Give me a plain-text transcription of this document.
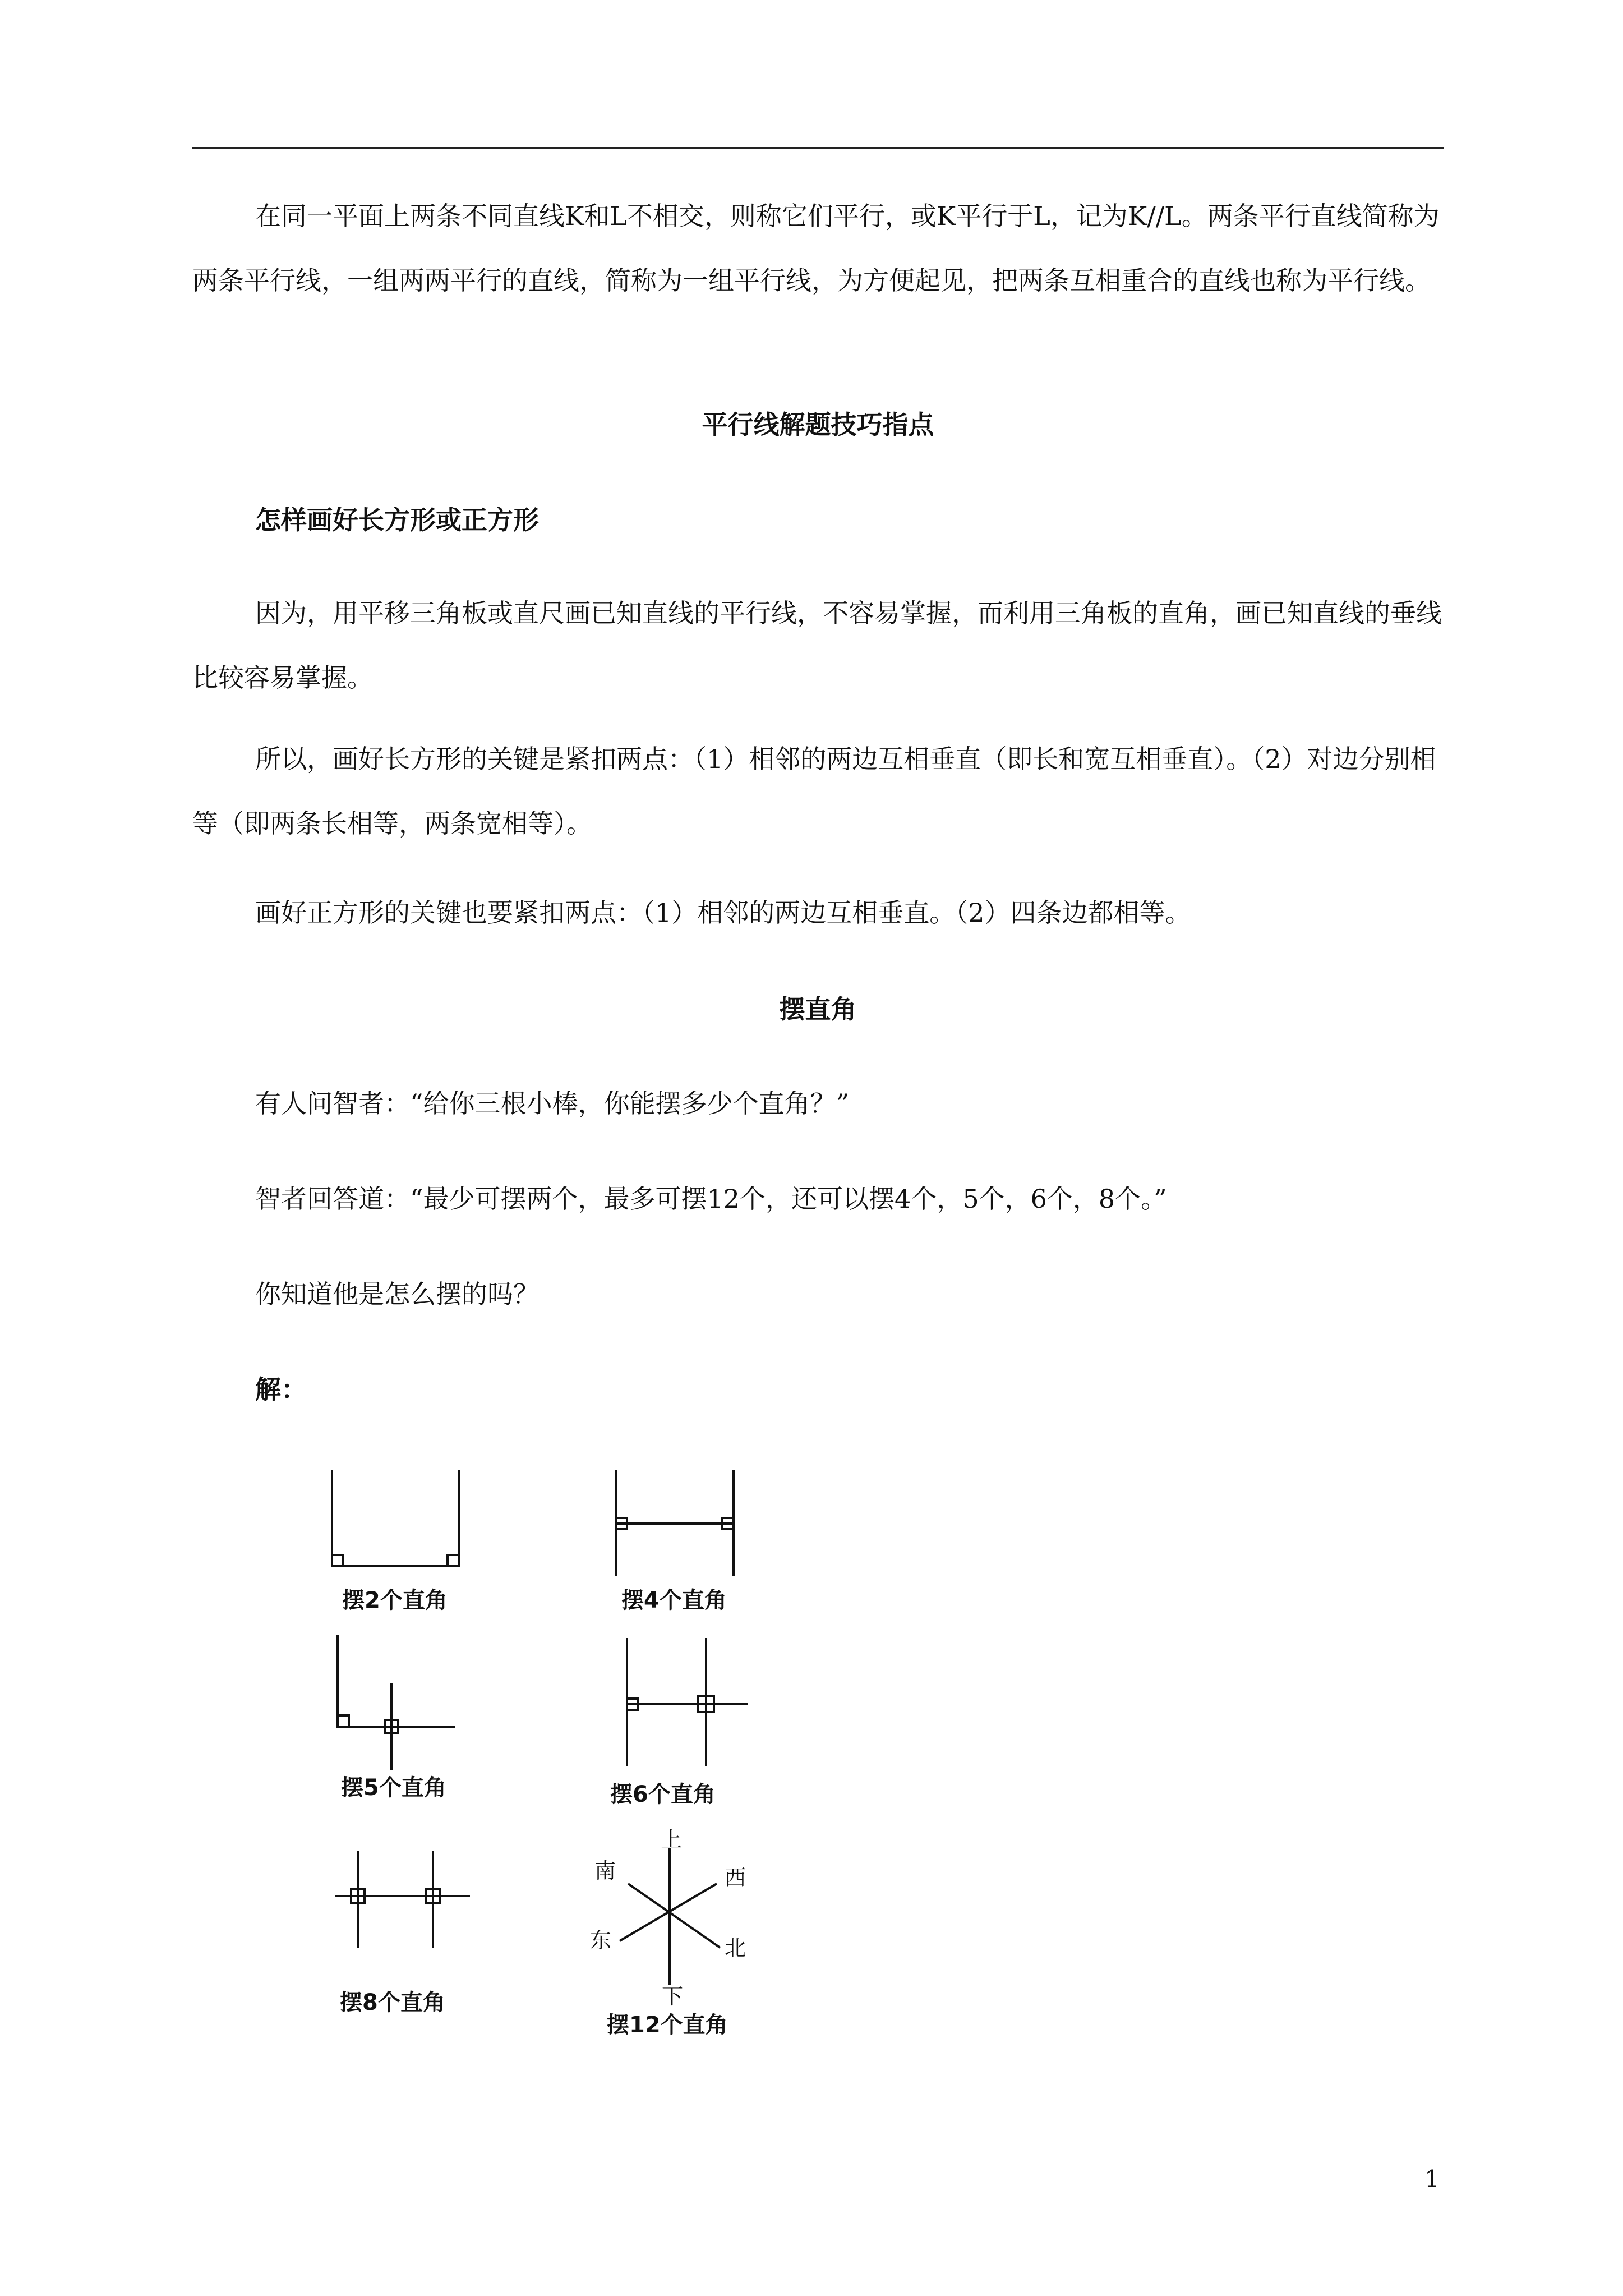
在同一平面上两条不同直线K和L不相交，则称它们平行，或K平行于L，记为K//L。两条平行直线简称为两条平行线，一组两两平行的直线，简称为一组平行线，为方便起见，把两条互相重合的直线也称为平行线。

平行线解题技巧指点

怎样画好长方形或正方形

因为，用平移三角板或直尺画已知直线的平行线，不容易掌握，而利用三角板的直角，画已知直线的垂线比较容易掌握。

所以，画好长方形的关键是紧扣两点：（1）相邻的两边互相垂直（即长和宽互相垂直）。（2）对边分别相等（即两条长相等，两条宽相等）。

画好正方形的关键也要紧扣两点：（1）相邻的两边互相垂直。（2）四条边都相等。

摆直角

有人问智者：“给你三根小棒，你能摆多少个直角？”

智者回答道：“最少可摆两个，最多可摆12个，还可以摆4个，5个，6个，8个。”

你知道他是怎么摆的吗？

解：

摆2个直角	摆4个直角
摆5个直角	摆6个直角
摆8个直角
上
南	西
东	北
下
摆12个直角
1
